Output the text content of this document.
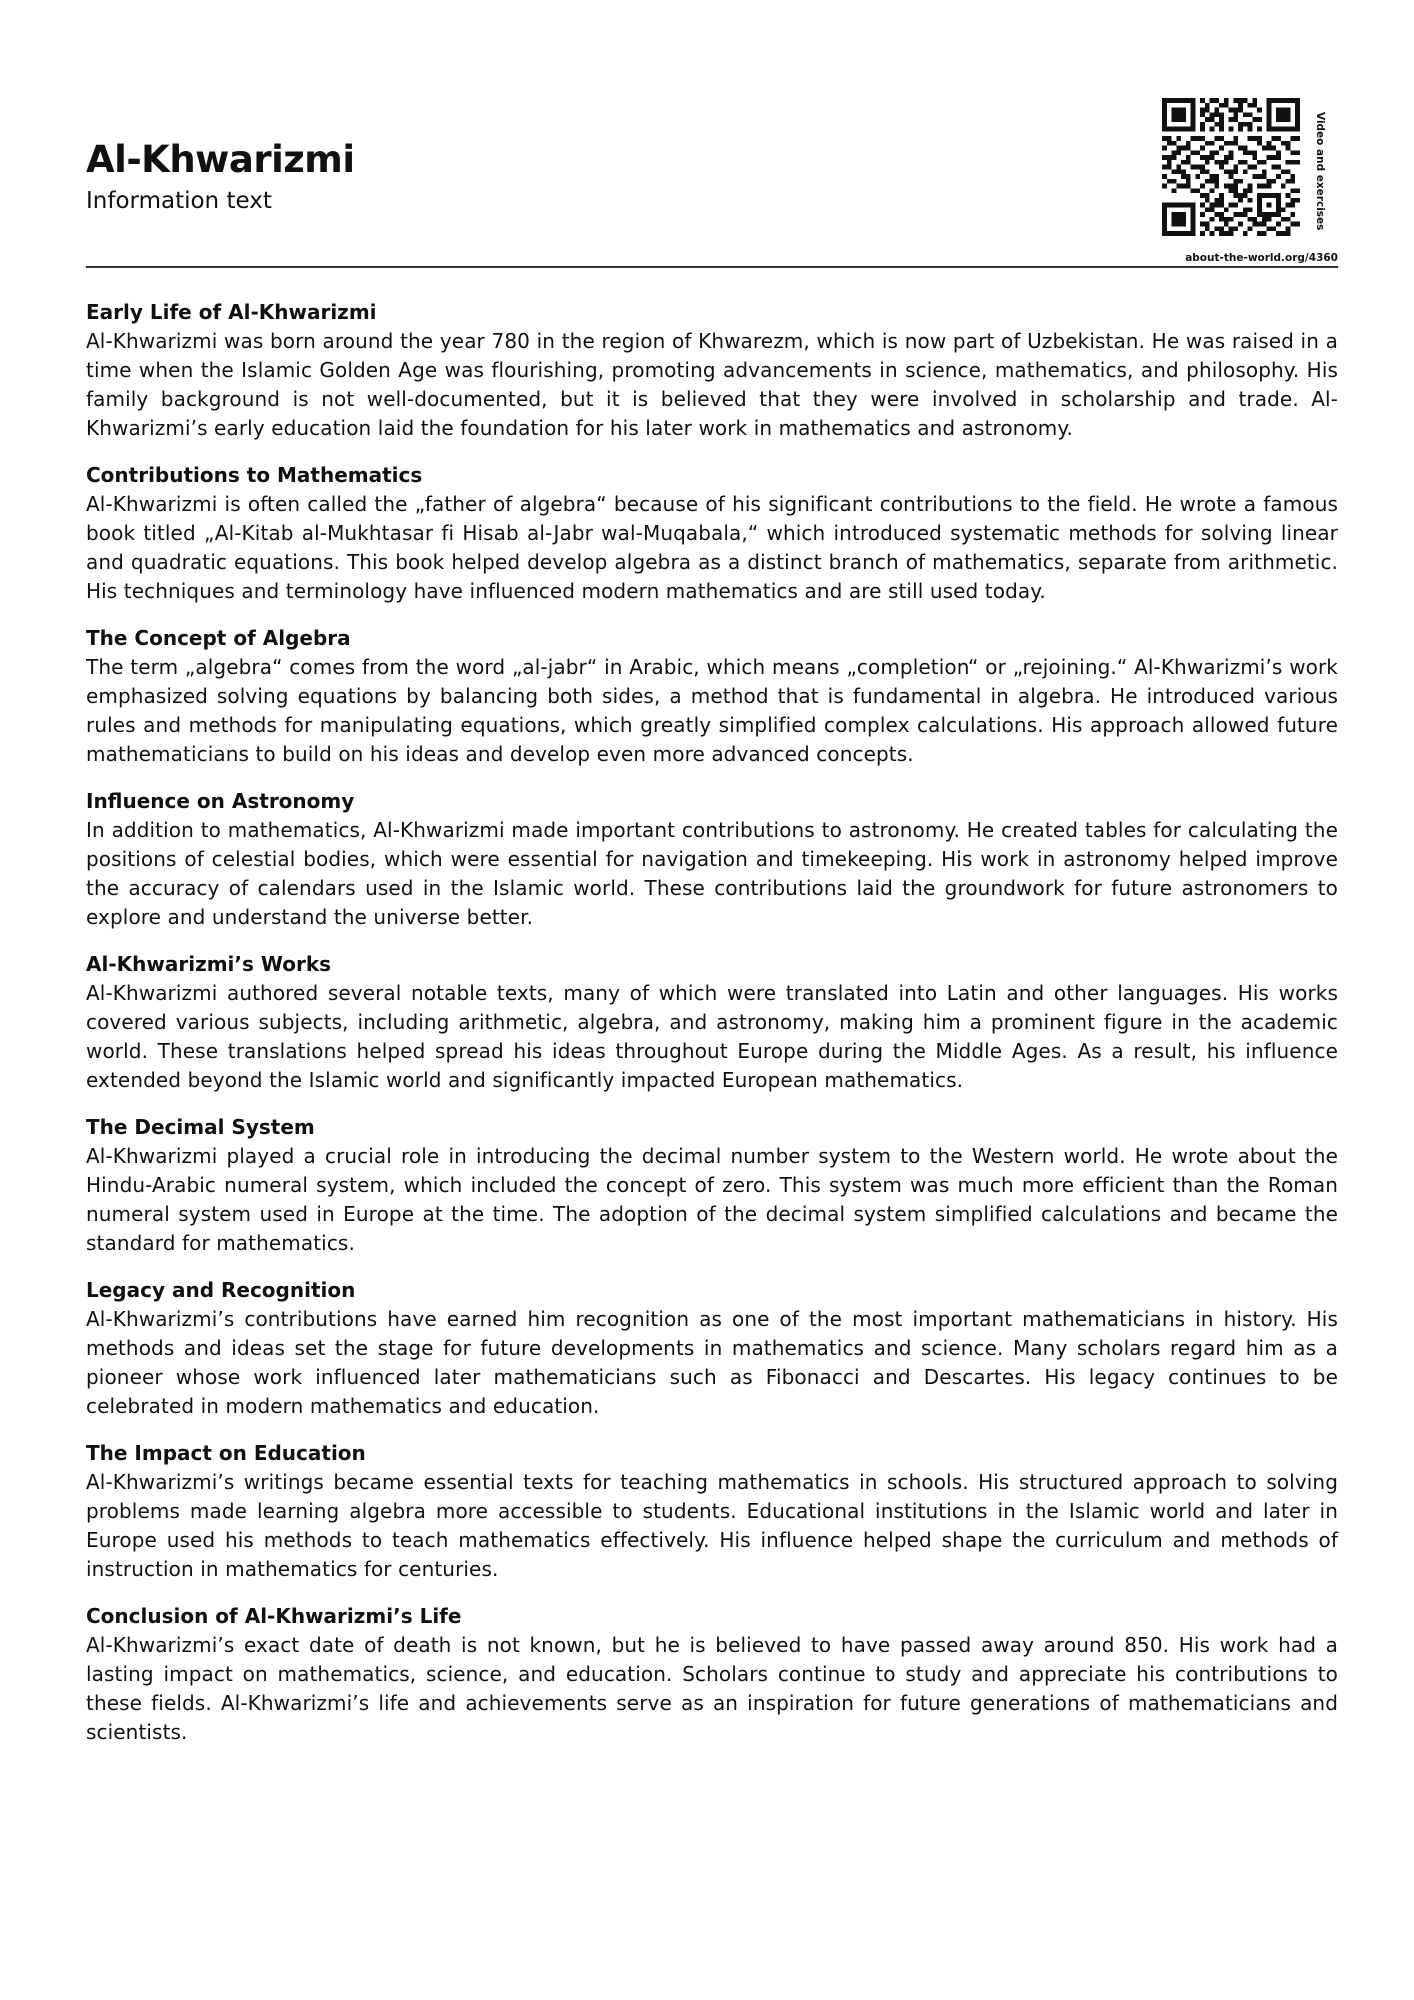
Al-Khwarizmi
Information text	Video and exercises
about-the-world.org/4360
Early Life of Al-Khwarizmi

Al-Khwarizmi was born around the year 780 in the region of Khwarezm, which is now part of Uzbekistan. He was raised in a time when the Islamic Golden Age was flourishing, promoting advancements in science, mathematics, and philosophy. His family background is not well-documented, but it is believed that they were involved in scholarship and trade. Al-Khwarizmi’s early education laid the foundation for his later work in mathematics and astronomy.

Contributions to Mathematics

Al-Khwarizmi is often called the „father of algebra“ because of his significant contributions to the field. He wrote a famous book titled „Al-Kitab al-Mukhtasar fi Hisab al-Jabr wal-Muqabala,“ which introduced systematic methods for solving linear and quadratic equations. This book helped develop algebra as a distinct branch of mathematics, separate from arithmetic. His techniques and terminology have influenced modern mathematics and are still used today.

The Concept of Algebra

The term „algebra“ comes from the word „al-jabr“ in Arabic, which means „completion“ or „rejoining.“ Al-Khwarizmi’s work emphasized solving equations by balancing both sides, a method that is fundamental in algebra. He introduced various rules and methods for manipulating equations, which greatly simplified complex calculations. His approach allowed future mathematicians to build on his ideas and develop even more advanced concepts.

Influence on Astronomy

In addition to mathematics, Al-Khwarizmi made important contributions to astronomy. He created tables for calculating the positions of celestial bodies, which were essential for navigation and timekeeping. His work in astronomy helped improve the accuracy of calendars used in the Islamic world. These contributions laid the groundwork for future astronomers to explore and understand the universe better.

Al-Khwarizmi’s Works

Al-Khwarizmi authored several notable texts, many of which were translated into Latin and other languages. His works covered various subjects, including arithmetic, algebra, and astronomy, making him a prominent figure in the academic world. These translations helped spread his ideas throughout Europe during the Middle Ages. As a result, his influence extended beyond the Islamic world and significantly impacted European mathematics.

The Decimal System

Al-Khwarizmi played a crucial role in introducing the decimal number system to the Western world. He wrote about the Hindu-Arabic numeral system, which included the concept of zero. This system was much more efficient than the Roman numeral system used in Europe at the time. The adoption of the decimal system simplified calculations and became the standard for mathematics.

Legacy and Recognition

Al-Khwarizmi’s contributions have earned him recognition as one of the most important mathematicians in history. His methods and ideas set the stage for future developments in mathematics and science. Many scholars regard him as a pioneer whose work influenced later mathematicians such as Fibonacci and Descartes. His legacy continues to be celebrated in modern mathematics and education.

The Impact on Education

Al-Khwarizmi’s writings became essential texts for teaching mathematics in schools. His structured approach to solving problems made learning algebra more accessible to students. Educational institutions in the Islamic world and later in Europe used his methods to teach mathematics effectively. His influence helped shape the curriculum and methods of instruction in mathematics for centuries.

Conclusion of Al-Khwarizmi’s Life

Al-Khwarizmi’s exact date of death is not known, but he is believed to have passed away around 850. His work had a lasting impact on mathematics, science, and education. Scholars continue to study and appreciate his contributions to these fields. Al-Khwarizmi’s life and achievements serve as an inspiration for future generations of mathematicians and scientists.
